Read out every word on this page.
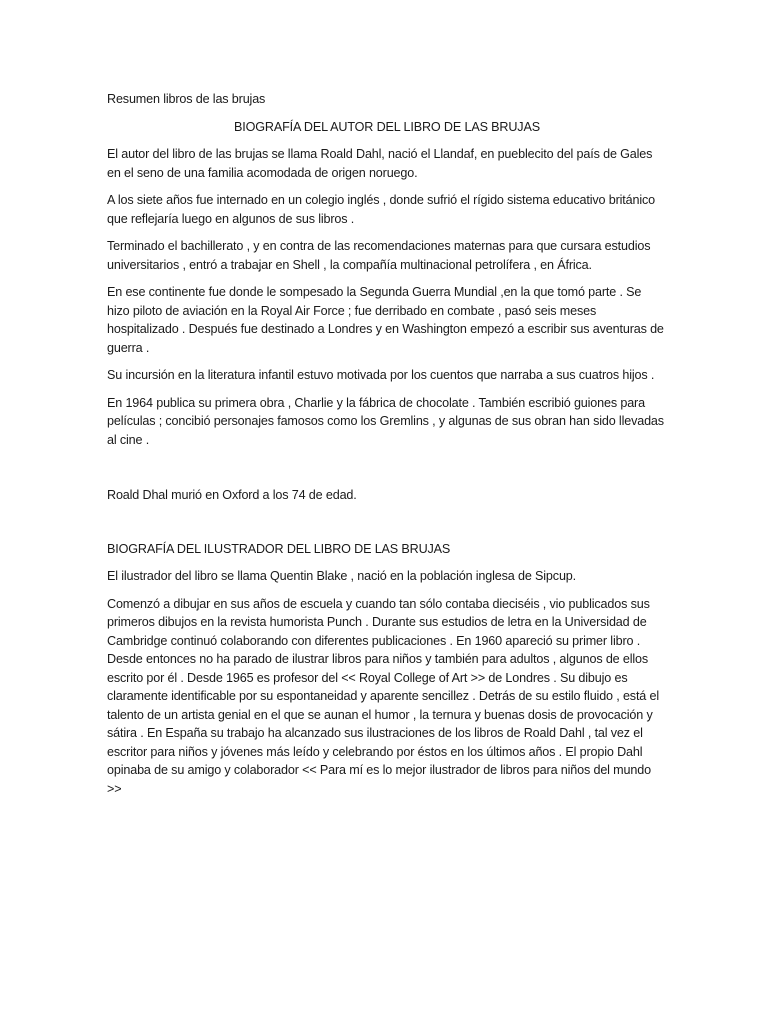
Resumen libros de las brujas

BIOGRAFÍA DEL AUTOR DEL LIBRO DE LAS BRUJAS

El autor del libro de las brujas se llama Roald Dahl, nació el Llandaf, en pueblecito del país de Gales en el seno de una familia acomodada de origen noruego.

A los siete años fue internado en un colegio inglés , donde sufrió el rígido sistema educativo británico que reflejaría luego en algunos de sus libros .

Terminado el bachillerato , y en contra de las recomendaciones maternas para que cursara estudios universitarios , entró a trabajar en Shell , la compañía multinacional petrolífera , en África.

En ese continente fue donde le sompesado la Segunda Guerra Mundial ,en la que tomó parte . Se hizo piloto de aviación en la Royal Air Force ; fue derribado en combate , pasó seis meses hospitalizado . Después fue destinado a Londres y en Washington empezó a escribir sus aventuras de guerra .

Su incursión en la literatura infantil estuvo motivada por los cuentos que narraba a sus cuatros hijos .

En 1964 publica su primera obra , Charlie y la fábrica de chocolate . También escribió guiones para películas ; concibió personajes famosos como los Gremlins , y algunas de sus obran han sido llevadas al cine .

Roald Dhal murió en Oxford a los 74 de edad.

BIOGRAFÍA DEL ILUSTRADOR DEL LIBRO DE LAS BRUJAS

El ilustrador del libro se llama Quentin Blake , nació en la población inglesa de Sipcup.

Comenzó a dibujar en sus años de escuela y cuando tan sólo contaba dieciséis , vio publicados sus primeros dibujos en la revista humorista Punch . Durante sus estudios de letra en la Universidad de Cambridge continuó colaborando con diferentes publicaciones . En 1960 apareció su primer libro . Desde entonces no ha parado de ilustrar libros para niños y también para adultos , algunos de ellos escrito por él . Desde 1965 es profesor del << Royal College of Art >> de Londres . Su dibujo es claramente identificable por su espontaneidad y aparente sencillez . Detrás de su estilo fluido , está el talento de un artista genial en el que se aunan el humor , la ternura y buenas dosis de provocación y sátira . En España su trabajo ha alcanzado sus ilustraciones de los libros de Roald Dahl , tal vez el escritor para niños y jóvenes más leído y celebrando por éstos en los últimos años . El propio Dahl opinaba de su amigo y colaborador << Para mí es lo mejor ilustrador de libros para niños del mundo >>
